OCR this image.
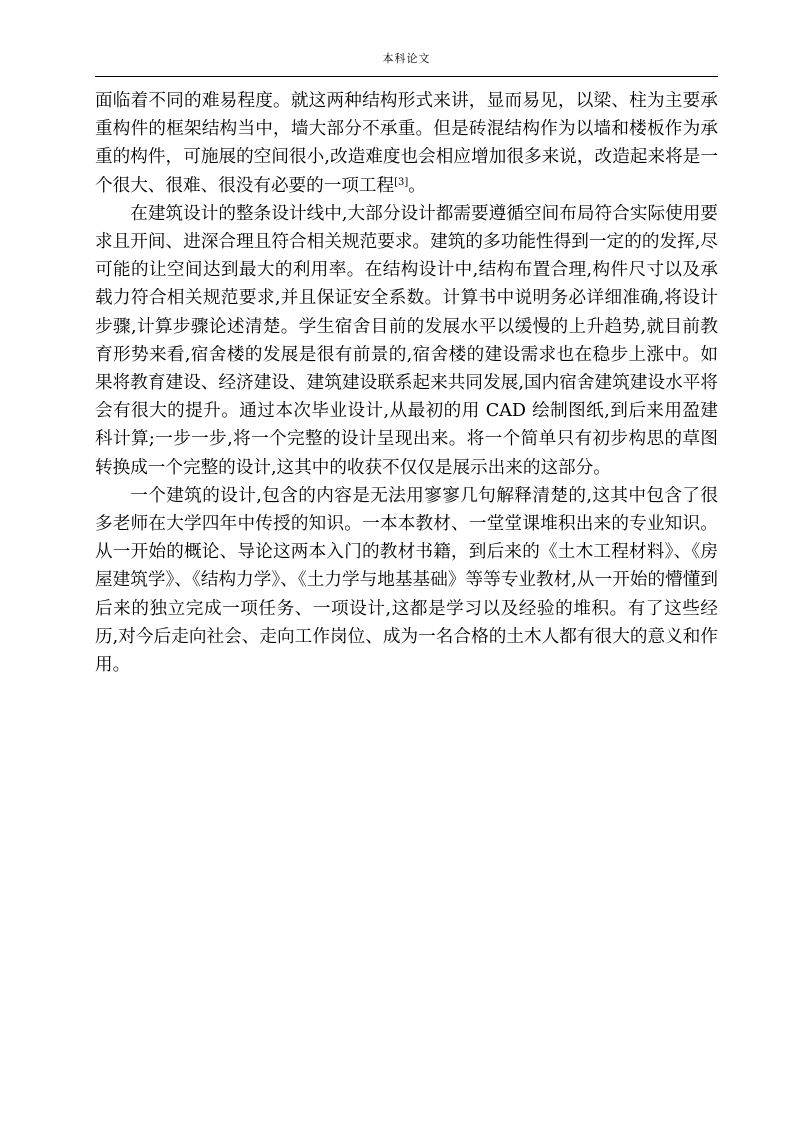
本科论文

面临着不同的难易程度。就这两种结构形式来讲，显而易见，以梁、柱为主要承重构件的框架结构当中，墙大部分不承重。但是砖混结构作为以墙和楼板作为承重的构件，可施展的空间很小,改造难度也会相应增加很多来说，改造起来将是一个很大、很难、很没有必要的一项工程[3]。

在建筑设计的整条设计线中,大部分设计都需要遵循空间布局符合实际使用要求且开间、进深合理且符合相关规范要求。建筑的多功能性得到一定的的发挥,尽可能的让空间达到最大的利用率。在结构设计中,结构布置合理,构件尺寸以及承载力符合相关规范要求,并且保证安全系数。计算书中说明务必详细准确,将设计步骤,计算步骤论述清楚。学生宿舍目前的发展水平以缓慢的上升趋势,就目前教育形势来看,宿舍楼的发展是很有前景的,宿舍楼的建设需求也在稳步上涨中。如果将教育建设、经济建设、建筑建设联系起来共同发展,国内宿舍建筑建设水平将会有很大的提升。通过本次毕业设计,从最初的用 CAD 绘制图纸,到后来用盈建科计算;一步一步,将一个完整的设计呈现出来。将一个简单只有初步构思的草图转换成一个完整的设计,这其中的收获不仅仅是展示出来的这部分。

一个建筑的设计,包含的内容是无法用寥寥几句解释清楚的,这其中包含了很多老师在大学四年中传授的知识。一本本教材、一堂堂课堆积出来的专业知识。从一开始的概论、导论这两本入门的教材书籍，到后来的《土木工程材料》、《房屋建筑学》、《结构力学》、《土力学与地基基础》等等专业教材,从一开始的懵懂到后来的独立完成一项任务、一项设计,这都是学习以及经验的堆积。有了这些经历,对今后走向社会、走向工作岗位、成为一名合格的土木人都有很大的意义和作用。
